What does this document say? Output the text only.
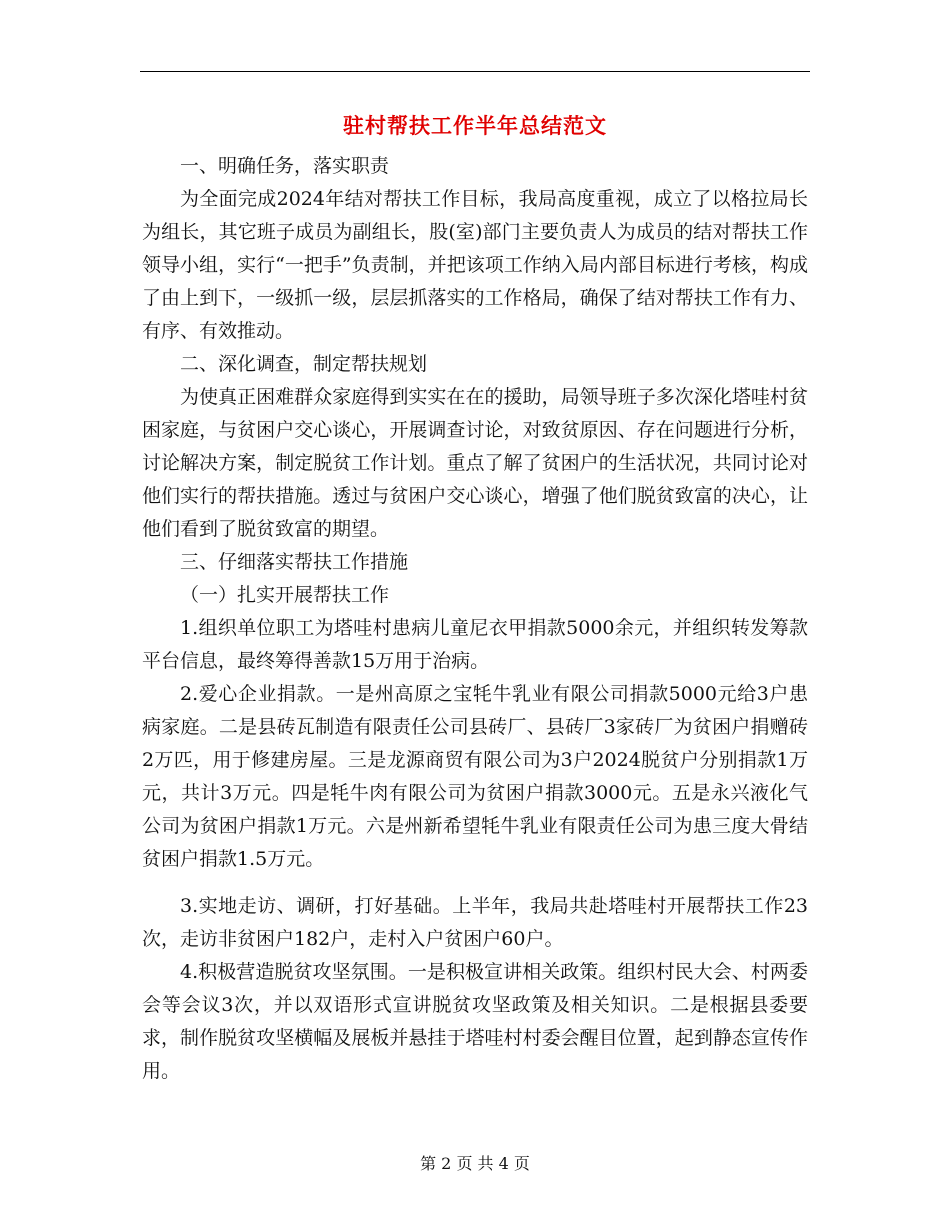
驻村帮扶工作半年总结范文

一、明确任务，落实职责

为全面完成2024年结对帮扶工作目标，我局高度重视，成立了以格拉局长为组长，其它班子成员为副组长，股(室)部门主要负责人为成员的结对帮扶工作领导小组，实行“一把手”负责制，并把该项工作纳入局内部目标进行考核，构成了由上到下，一级抓一级，层层抓落实的工作格局，确保了结对帮扶工作有力、有序、有效推动。

二、深化调查，制定帮扶规划

为使真正困难群众家庭得到实实在在的援助，局领导班子多次深化塔哇村贫困家庭，与贫困户交心谈心，开展调查讨论，对致贫原因、存在问题进行分析，讨论解决方案，制定脱贫工作计划。重点了解了贫困户的生活状况，共同讨论对他们实行的帮扶措施。透过与贫困户交心谈心，增强了他们脱贫致富的决心，让他们看到了脱贫致富的期望。

三、仔细落实帮扶工作措施

（一）扎实开展帮扶工作

1.组织单位职工为塔哇村患病儿童尼衣甲捐款5000余元，并组织转发筹款平台信息，最终筹得善款15万用于治病。

2.爱心企业捐款。一是州高原之宝牦牛乳业有限公司捐款5000元给3户患病家庭。二是县砖瓦制造有限责任公司县砖厂、县砖厂3家砖厂为贫困户捐赠砖2万匹，用于修建房屋。三是龙源商贸有限公司为3户2024脱贫户分别捐款1万元，共计3万元。四是牦牛肉有限公司为贫困户捐款3000元。五是永兴液化气公司为贫困户捐款1万元。六是州新希望牦牛乳业有限责任公司为患三度大骨结贫困户捐款1.5万元。

3.实地走访、调研，打好基础。上半年，我局共赴塔哇村开展帮扶工作23次，走访非贫困户182户，走村入户贫困户60户。

4.积极营造脱贫攻坚氛围。一是积极宣讲相关政策。组织村民大会、村两委会等会议3次，并以双语形式宣讲脱贫攻坚政策及相关知识。二是根据县委要求，制作脱贫攻坚横幅及展板并悬挂于塔哇村村委会醒目位置，起到静态宣传作用。

第 2 页 共 4 页
